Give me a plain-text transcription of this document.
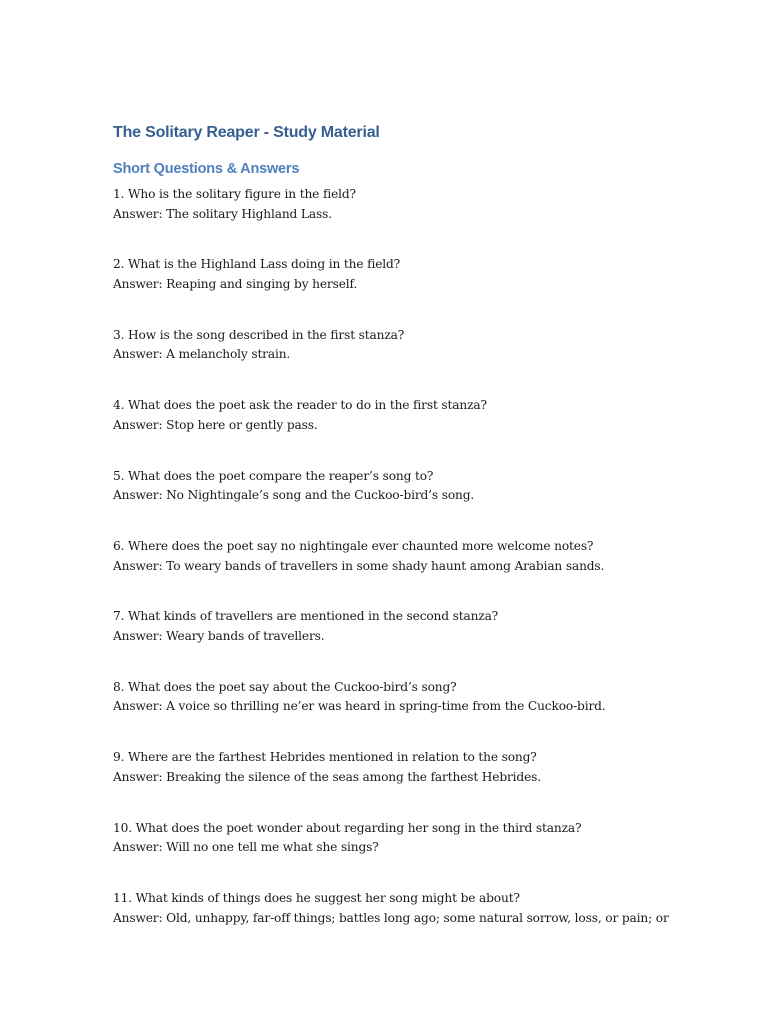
The Solitary Reaper - Study Material
Short Questions & Answers
1. Who is the solitary figure in the field?
Answer: The solitary Highland Lass.
2. What is the Highland Lass doing in the field?
Answer: Reaping and singing by herself.
3. How is the song described in the first stanza?
Answer: A melancholy strain.
4. What does the poet ask the reader to do in the first stanza?
Answer: Stop here or gently pass.
5. What does the poet compare the reaper’s song to?
Answer: No Nightingale’s song and the Cuckoo-bird’s song.
6. Where does the poet say no nightingale ever chaunted more welcome notes?
Answer: To weary bands of travellers in some shady haunt among Arabian sands.
7. What kinds of travellers are mentioned in the second stanza?
Answer: Weary bands of travellers.
8. What does the poet say about the Cuckoo-bird’s song?
Answer: A voice so thrilling ne’er was heard in spring-time from the Cuckoo-bird.
9. Where are the farthest Hebrides mentioned in relation to the song?
Answer: Breaking the silence of the seas among the farthest Hebrides.
10. What does the poet wonder about regarding her song in the third stanza?
Answer: Will no one tell me what she sings?
11. What kinds of things does he suggest her song might be about?
Answer: Old, unhappy, far-off things; battles long ago; some natural sorrow, loss, or pain; or
